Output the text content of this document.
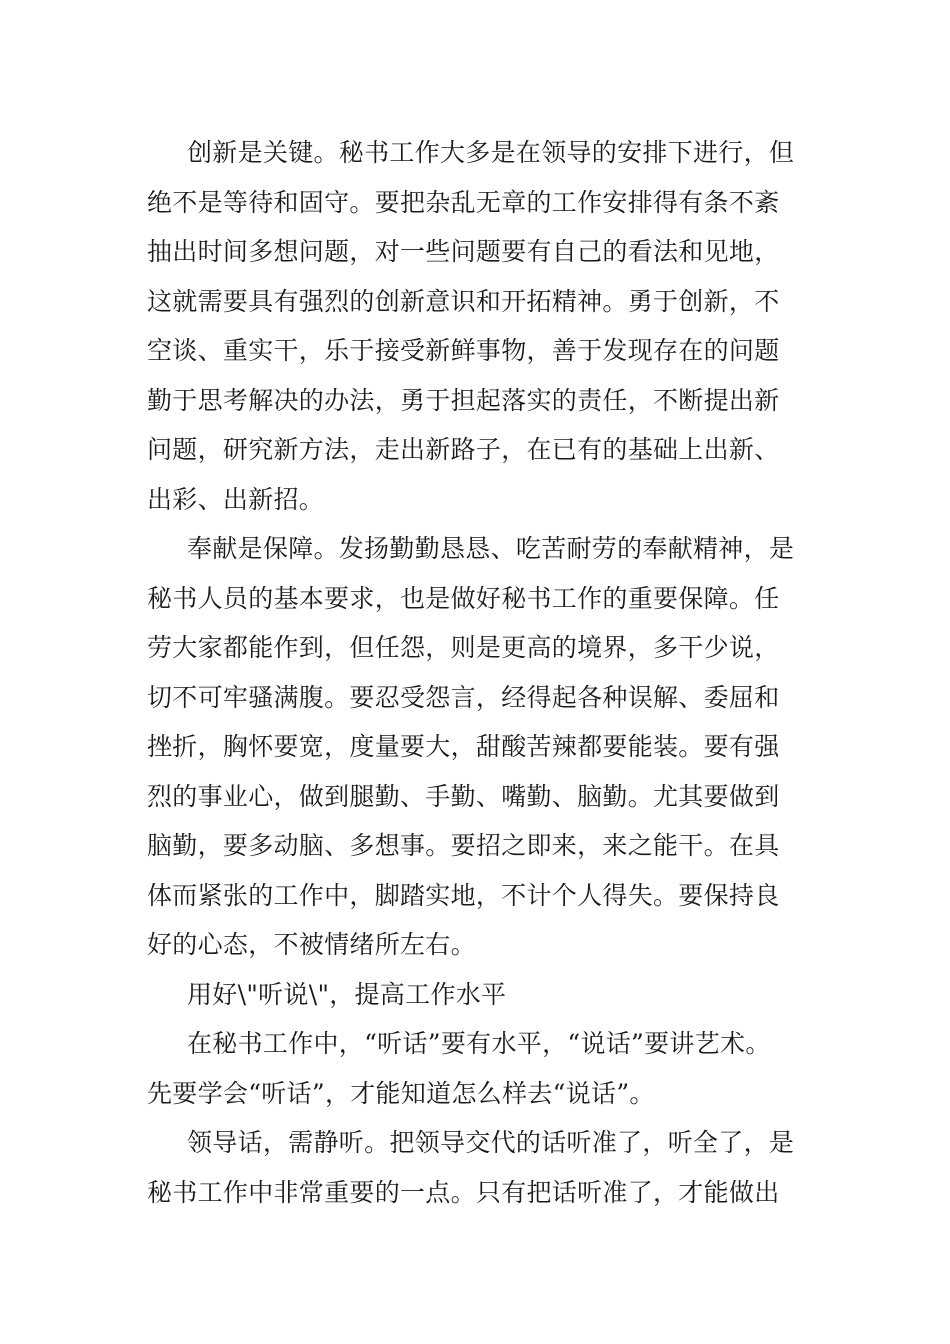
创新是关键。秘书工作大多是在领导的安排下进行，但
绝不是等待和固守。要把杂乱无章的工作安排得有条不紊
抽出时间多想问题，对一些问题要有自己的看法和见地，
这就需要具有强烈的创新意识和开拓精神。勇于创新，不
空谈、重实干，乐于接受新鲜事物，善于发现存在的问题
勤于思考解决的办法，勇于担起落实的责任，不断提出新
问题，研究新方法，走出新路子，在已有的基础上出新、
出彩、出新招。
奉献是保障。发扬勤勤恳恳、吃苦耐劳的奉献精神，是
秘书人员的基本要求，也是做好秘书工作的重要保障。任
劳大家都能作到，但任怨，则是更高的境界，多干少说，
切不可牢骚满腹。要忍受怨言，经得起各种误解、委屈和
挫折，胸怀要宽，度量要大，甜酸苦辣都要能装。要有强
烈的事业心，做到腿勤、手勤、嘴勤、脑勤。尤其要做到
脑勤，要多动脑、多想事。要招之即来，来之能干。在具
体而紧张的工作中，脚踏实地，不计个人得失。要保持良
好的心态，不被情绪所左右。
用好\"听说\"，提高工作水平
在秘书工作中，“听话”要有水平，“说话”要讲艺术。
先要学会“听话”，才能知道怎么样去“说话”。
领导话，需静听。把领导交代的话听准了，听全了，是
秘书工作中非常重要的一点。只有把话听准了，才能做出
